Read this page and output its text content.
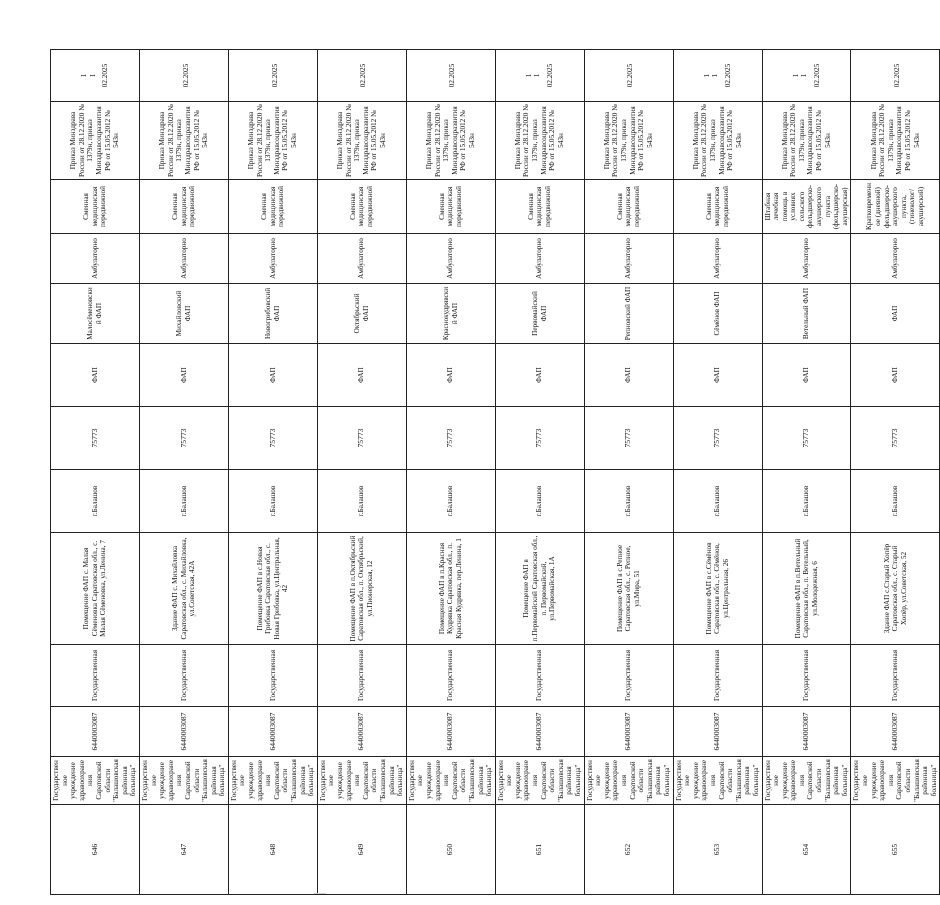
646	Государственное учреждение здравоохранения Саратовской области "Балашовская районная больница"	6440003087	Государственная	Помещение ФАП с. Малая Сёменовка Саратовская обл., с. Малая Сёменовка, ул.Ленина, 7	г.Балашов	75773	ФАП	Малосёменовский ФАП	Амбулаторно	Сменная медицинская передвижной	Приказ Минздрава России от 28.12.2020 № 1379н, приказ Минздравсоцразвития РФ от 15.05.2012 № 543н	1 1 02.2025

647	Государственное учреждение здравоохранения Саратовской области "Балашовская районная больница"	6440003087	Государственная	Здание ФАП с. Михайловка Саратовская обл., с. Михайловка, ул.Советская, 42А	г.Балашов	75773	ФАП	Михайловский ФАП	Амбулаторно	Сменная медицинская передвижной	Приказ Минздрава России от 28.12.2020 № 1379н, приказ Минздравсоцразвития РФ от 15.05.2012 № 543н	02.2025

648	Государственное учреждение здравоохранения Саратовской области "Балашовская районная больница"	6440003087	Государственная	Помещение ФАП в с.Новая Грибовка Саратовская обл., с. Новая Грибовка, ул.Центральная, 42	г.Балашов	75773	ФАП	Новогрибовский ФАП	Амбулаторно	Сменная медицинская передвижной	Приказ Минздрава России от 28.12.2020 № 1379н, приказ Минздравсоцразвития РФ от 15.05.2012 № 543н	02.2025

649	Государственное учреждение здравоохранения Саратовской области "Балашовская районная больница"	6440003087	Государственная	Помещение ФАП в п.Октябрьский Саратовская обл., п. Октябрьский, ул.Пионерская, 12	г.Балашов	75773	ФАП	Октябрьский ФАП	Амбулаторно	Сменная медицинская передвижной	Приказ Минздрава России от 28.12.2020 № 1379н, приказ Минздравсоцразвития РФ от 15.05.2012 № 543н	02.2025

650	Государственное учреждение здравоохранения Саратовской области "Балашовская районная больница"	6440003087	Государственная	Помещение ФАП в п.Красная Кудрявка Саратовская обл., п. Красная Кудрявка, пер.Ленина, 1	г.Балашов	75773	ФАП	Краснокудрявский ФАП	Амбулаторно	Сменная медицинская передвижной	Приказ Минздрава России от 28.12.2020 № 1379н, приказ Минздравсоцразвития РФ от 15.05.2012 № 543н	02.2025

651	Государственное учреждение здравоохранения Саратовской области "Балашовская районная больница"	6440003087	Государственная	Помещение ФАП в п.Первомайский Саратовская обл., п. Первомайский, ул.Первомайская, 1А	г.Балашов	75773	ФАП	Первомайский ФАП	Амбулаторно	Сменная медицинская передвижной	Приказ Минздрава России от 28.12.2020 № 1379н, приказ Минздравсоцразвития РФ от 15.05.2012 № 543н	1 1 02.2025

652	Государственное учреждение здравоохранения Саратовской области "Балашовская районная больница"	6440003087	Государственная	Помещение ФАП в с.Репное Саратовская обл., с. Репное, ул.Мира, 51	г.Балашов	75773	ФАП	Репновский ФАП	Амбулаторно	Сменная медицинская передвижной	Приказ Минздрава России от 28.12.2020 № 1379н, приказ Минздравсоцразвития РФ от 15.05.2012 № 543н	02.2025

653	Государственное учреждение здравоохранения Саратовской области "Балашовская районная больница"	6440003087	Государственная	Помещение ФАП в с.Сёмёнов Саратовская обл., с. Сёмёнов, ул.Центральная, 26	г.Балашов	75773	ФАП	Сёмёнов ФАП	Амбулаторно	Сменная медицинская передвижной	Приказ Минздрава России от 28.12.2020 № 1379н, приказ Минздравсоцразвития РФ от 15.05.2012 № 543н	1 1 02.2025

654	Государственное учреждение здравоохранения Саратовской области "Балашовская районная больница"	6440003087	Государственная	Помещение ФАП в п.Ветельный Саратовская обл., п. Ветельный, ул.Молодежная, 6	г.Балашов	75773	ФАП	Ветельный ФАП	Амбулаторно	Штабная лечебная помощь в условиях сельского фельдшерско-акушерского пункта (фельдшерско-акушерская)	Приказ Минздрава России от 28.12.2020 № 1379н, приказ Минздравсоцразвития РФ от 15.05.2012 № 543н	1 1 02.2025

655	Государственное учреждение здравоохранения Саратовской области "Балашовская районная больница"	6440003087	Государственная	Здание ФАП с.Старый Хопёр Саратовская обл., с. Старый Хопёр, ул.Советская, 52	г.Балашов	75773	ФАП	ФАП	Амбулаторно	Кратковременное (дневной) фельдшерско-акушерского пункта, (гинеколог/акушерский)	Приказ Минздрава России от 28.12.2020 № 1379н, приказ Минздравсоцразвития РФ от 15.05.2012 № 543н	02.2025
